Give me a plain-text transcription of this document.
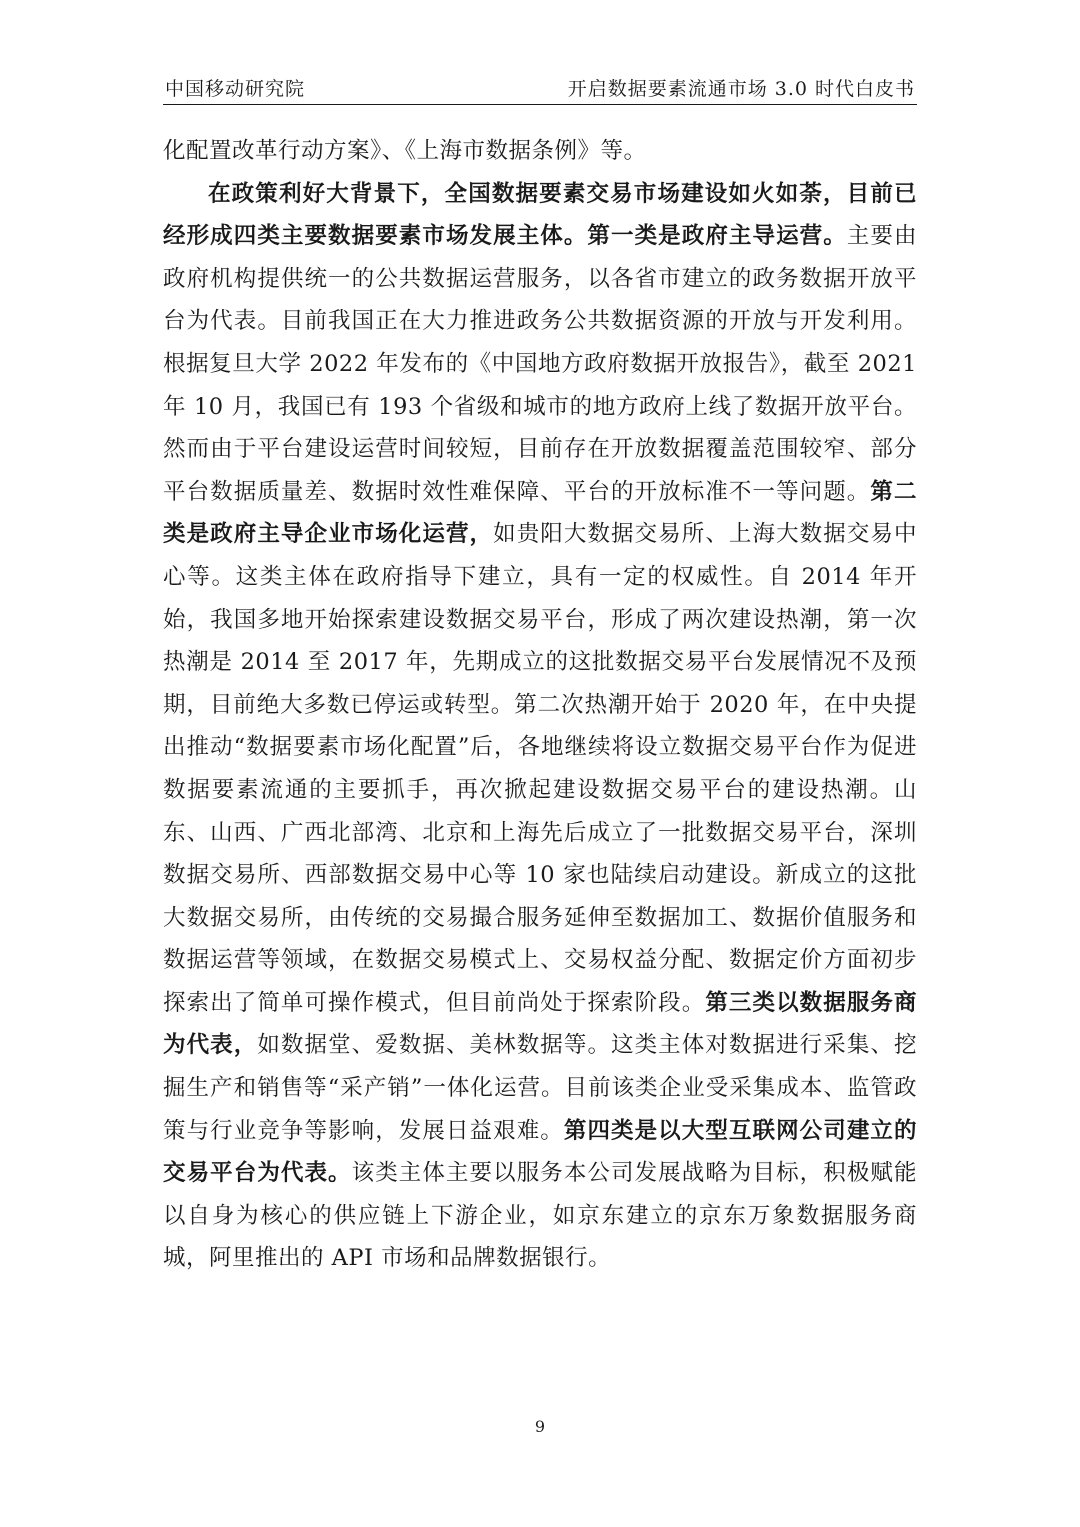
中国移动研究院	开启数据要素流通市场 3.0 时代白皮书

化配置改革行动方案》、《上海市数据条例》等。

在政策利好大背景下，全国数据要素交易市场建设如火如荼，目前已经形成四类主要数据要素市场发展主体。第一类是政府主导运营。主要由政府机构提供统一的公共数据运营服务，以各省市建立的政务数据开放平台为代表。目前我国正在大力推进政务公共数据资源的开放与开发利用。根据复旦大学 2022 年发布的《中国地方政府数据开放报告》，截至 2021 年 10 月，我国已有 193 个省级和城市的地方政府上线了数据开放平台。然而由于平台建设运营时间较短，目前存在开放数据覆盖范围较窄、部分平台数据质量差、数据时效性难保障、平台的开放标准不一等问题。第二类是政府主导企业市场化运营，如贵阳大数据交易所、上海大数据交易中心等。这类主体在政府指导下建立，具有一定的权威性。自 2014 年开始，我国多地开始探索建设数据交易平台，形成了两次建设热潮，第一次热潮是 2014 至 2017 年，先期成立的这批数据交易平台发展情况不及预期，目前绝大多数已停运或转型。第二次热潮开始于 2020 年，在中央提出推动“数据要素市场化配置”后，各地继续将设立数据交易平台作为促进数据要素流通的主要抓手，再次掀起建设数据交易平台的建设热潮。山东、山西、广西北部湾、北京和上海先后成立了一批数据交易平台，深圳数据交易所、西部数据交易中心等 10 家也陆续启动建设。新成立的这批大数据交易所，由传统的交易撮合服务延伸至数据加工、数据价值服务和数据运营等领域，在数据交易模式上、交易权益分配、数据定价方面初步探索出了简单可操作模式，但目前尚处于探索阶段。第三类以数据服务商为代表，如数据堂、爱数据、美林数据等。这类主体对数据进行采集、挖掘生产和销售等“采产销”一体化运营。目前该类企业受采集成本、监管政策与行业竞争等影响，发展日益艰难。第四类是以大型互联网公司建立的交易平台为代表。该类主体主要以服务本公司发展战略为目标，积极赋能以自身为核心的供应链上下游企业，如京东建立的京东万象数据服务商城，阿里推出的 API 市场和品牌数据银行。

9
